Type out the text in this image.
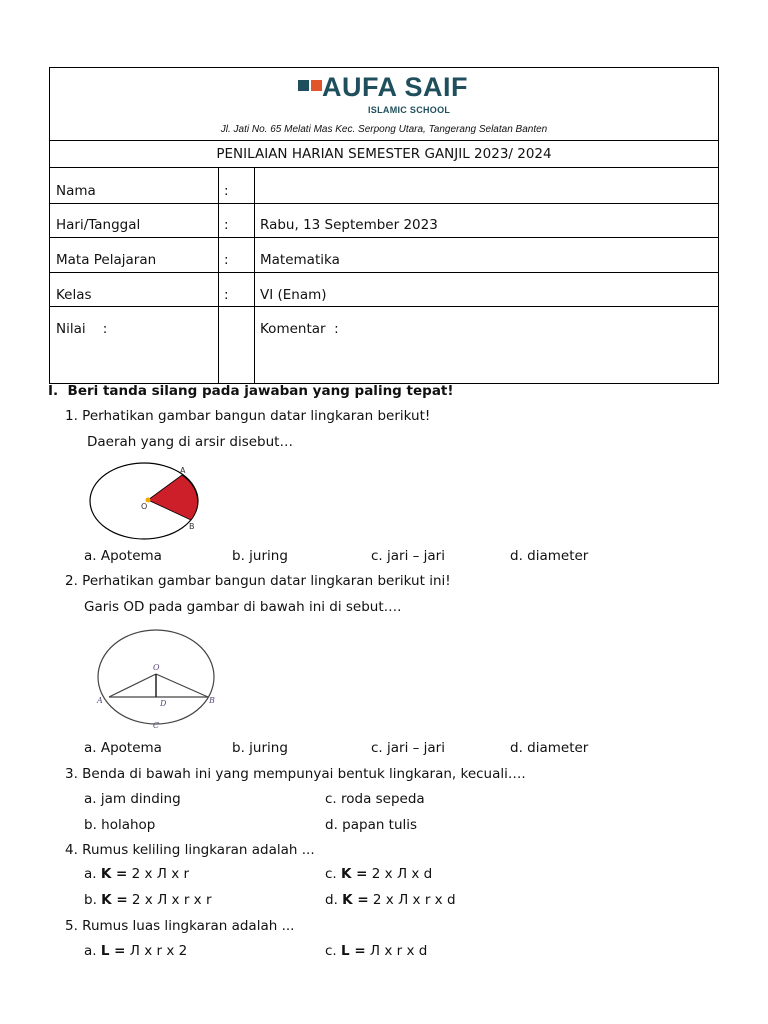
AUFA SAIF
ISLAMIC SCHOOL
Jl. Jati No. 65 Melati Mas Kec. Serpong Utara, Tangerang Selatan Banten
PENILAIAN HARIAN SEMESTER GANJIL 2023/ 2024
Nama	:
Hari/Tanggal	: Rabu, 13 September 2023
Mata Pelajaran	: Matematika
Kelas	: VI (Enam)
Nilai    :	Komentar  :
I.  Beri tanda silang pada jawaban yang paling tepat!
1. Perhatikan gambar bangun datar lingkaran berikut!
Daerah yang di arsir disebut…
A
B
O
a. Apotema	b. juring	c. jari – jari	d. diameter
2. Perhatikan gambar bangun datar lingkaran berikut ini!
Garis OD pada gambar di bawah ini di sebut….
O
A	B
D
C
a. Apotema	b. juring	c. jari – jari	d. diameter
3. Benda di bawah ini yang mempunyai bentuk lingkaran, kecuali….
a. jam dinding	c. roda sepeda
b. holahop	d. papan tulis
4. Rumus keliling lingkaran adalah ...
a. K = 2 x Л x r	c. K = 2 x Л x d
b. K = 2 x Л x r x r	d. K = 2 x Л x r x d
5. Rumus luas lingkaran adalah ...
a. L = Л x r x 2	c. L = Л x r x d
